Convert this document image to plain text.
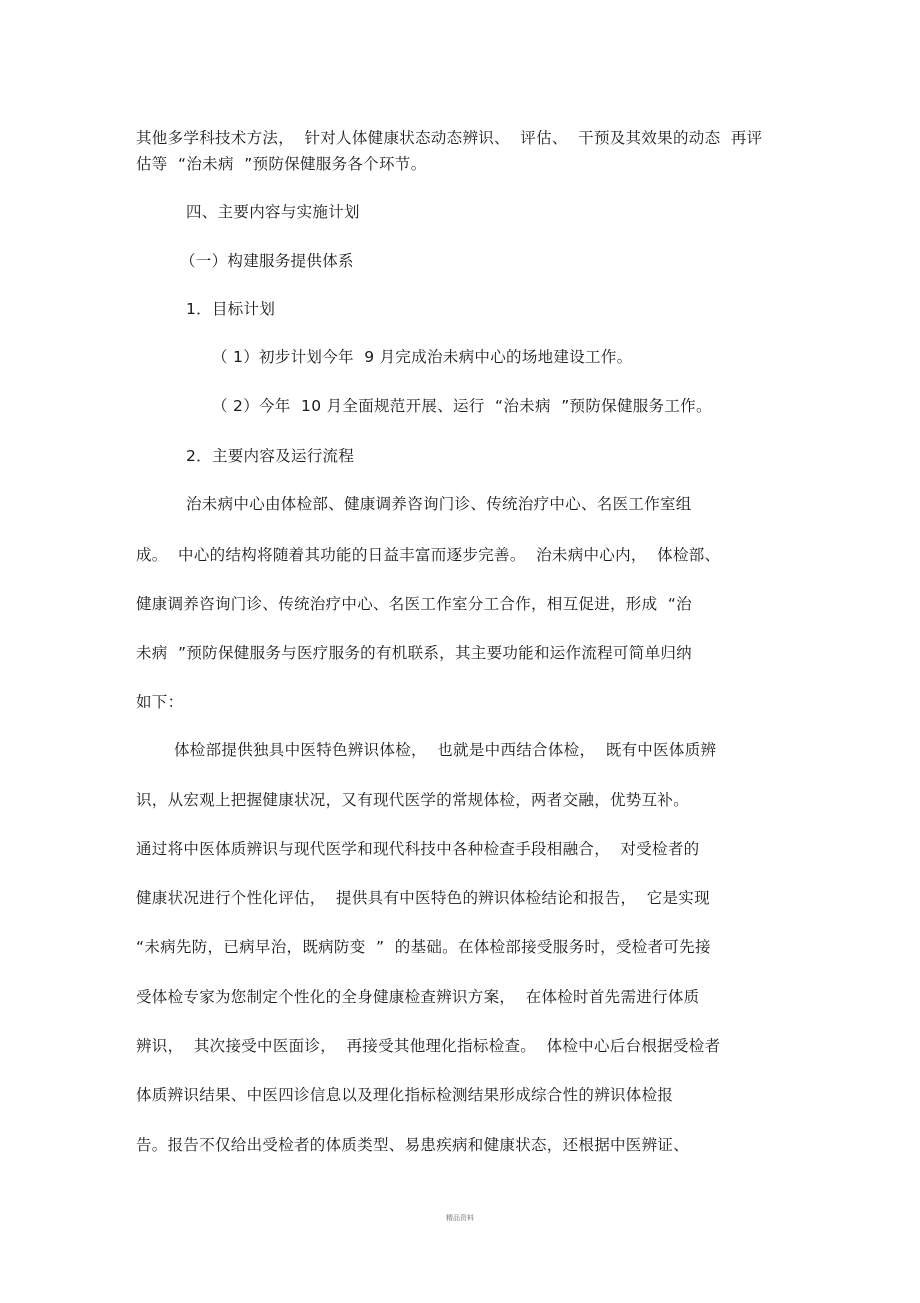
其他多学科技术方法，  针对人体健康状态动态辨识、  评估、  干预及其效果的动态  再评
估等  “治未病  ”预防保健服务各个环节。
四、主要内容与实施计划
（一）构建服务提供体系
1．目标计划
（ 1）初步计划今年  9 月完成治未病中心的场地建设工作。
（ 2）今年  10 月全面规范开展、运行  “治未病  ”预防保健服务工作。
2．主要内容及运行流程
治未病中心由体检部、健康调养咨询门诊、传统治疗中心、名医工作室组
成。  中心的结构将随着其功能的日益丰富而逐步完善。  治未病中心内，  体检部、
健康调养咨询门诊、传统治疗中心、名医工作室分工合作，相互促进，形成  “治
未病  ”预防保健服务与医疗服务的有机联系，其主要功能和运作流程可简单归纳
如下：
体检部提供独具中医特色辨识体检，  也就是中西结合体检，  既有中医体质辨
识，从宏观上把握健康状况，又有现代医学的常规体检，两者交融，优势互补。
通过将中医体质辨识与现代医学和现代科技中各种检查手段相融合，  对受检者的
健康状况进行个性化评估，  提供具有中医特色的辨识体检结论和报告，  它是实现
“未病先防，已病早治，既病防变  ”  的基础。在体检部接受服务时，受检者可先接
受体检专家为您制定个性化的全身健康检查辨识方案，  在体检时首先需进行体质
辨识，  其次接受中医面诊，  再接受其他理化指标检查。  体检中心后台根据受检者
体质辨识结果、中医四诊信息以及理化指标检测结果形成综合性的辨识体检报
告。报告不仅给出受检者的体质类型、易患疾病和健康状态，还根据中医辨证、
精品资料
